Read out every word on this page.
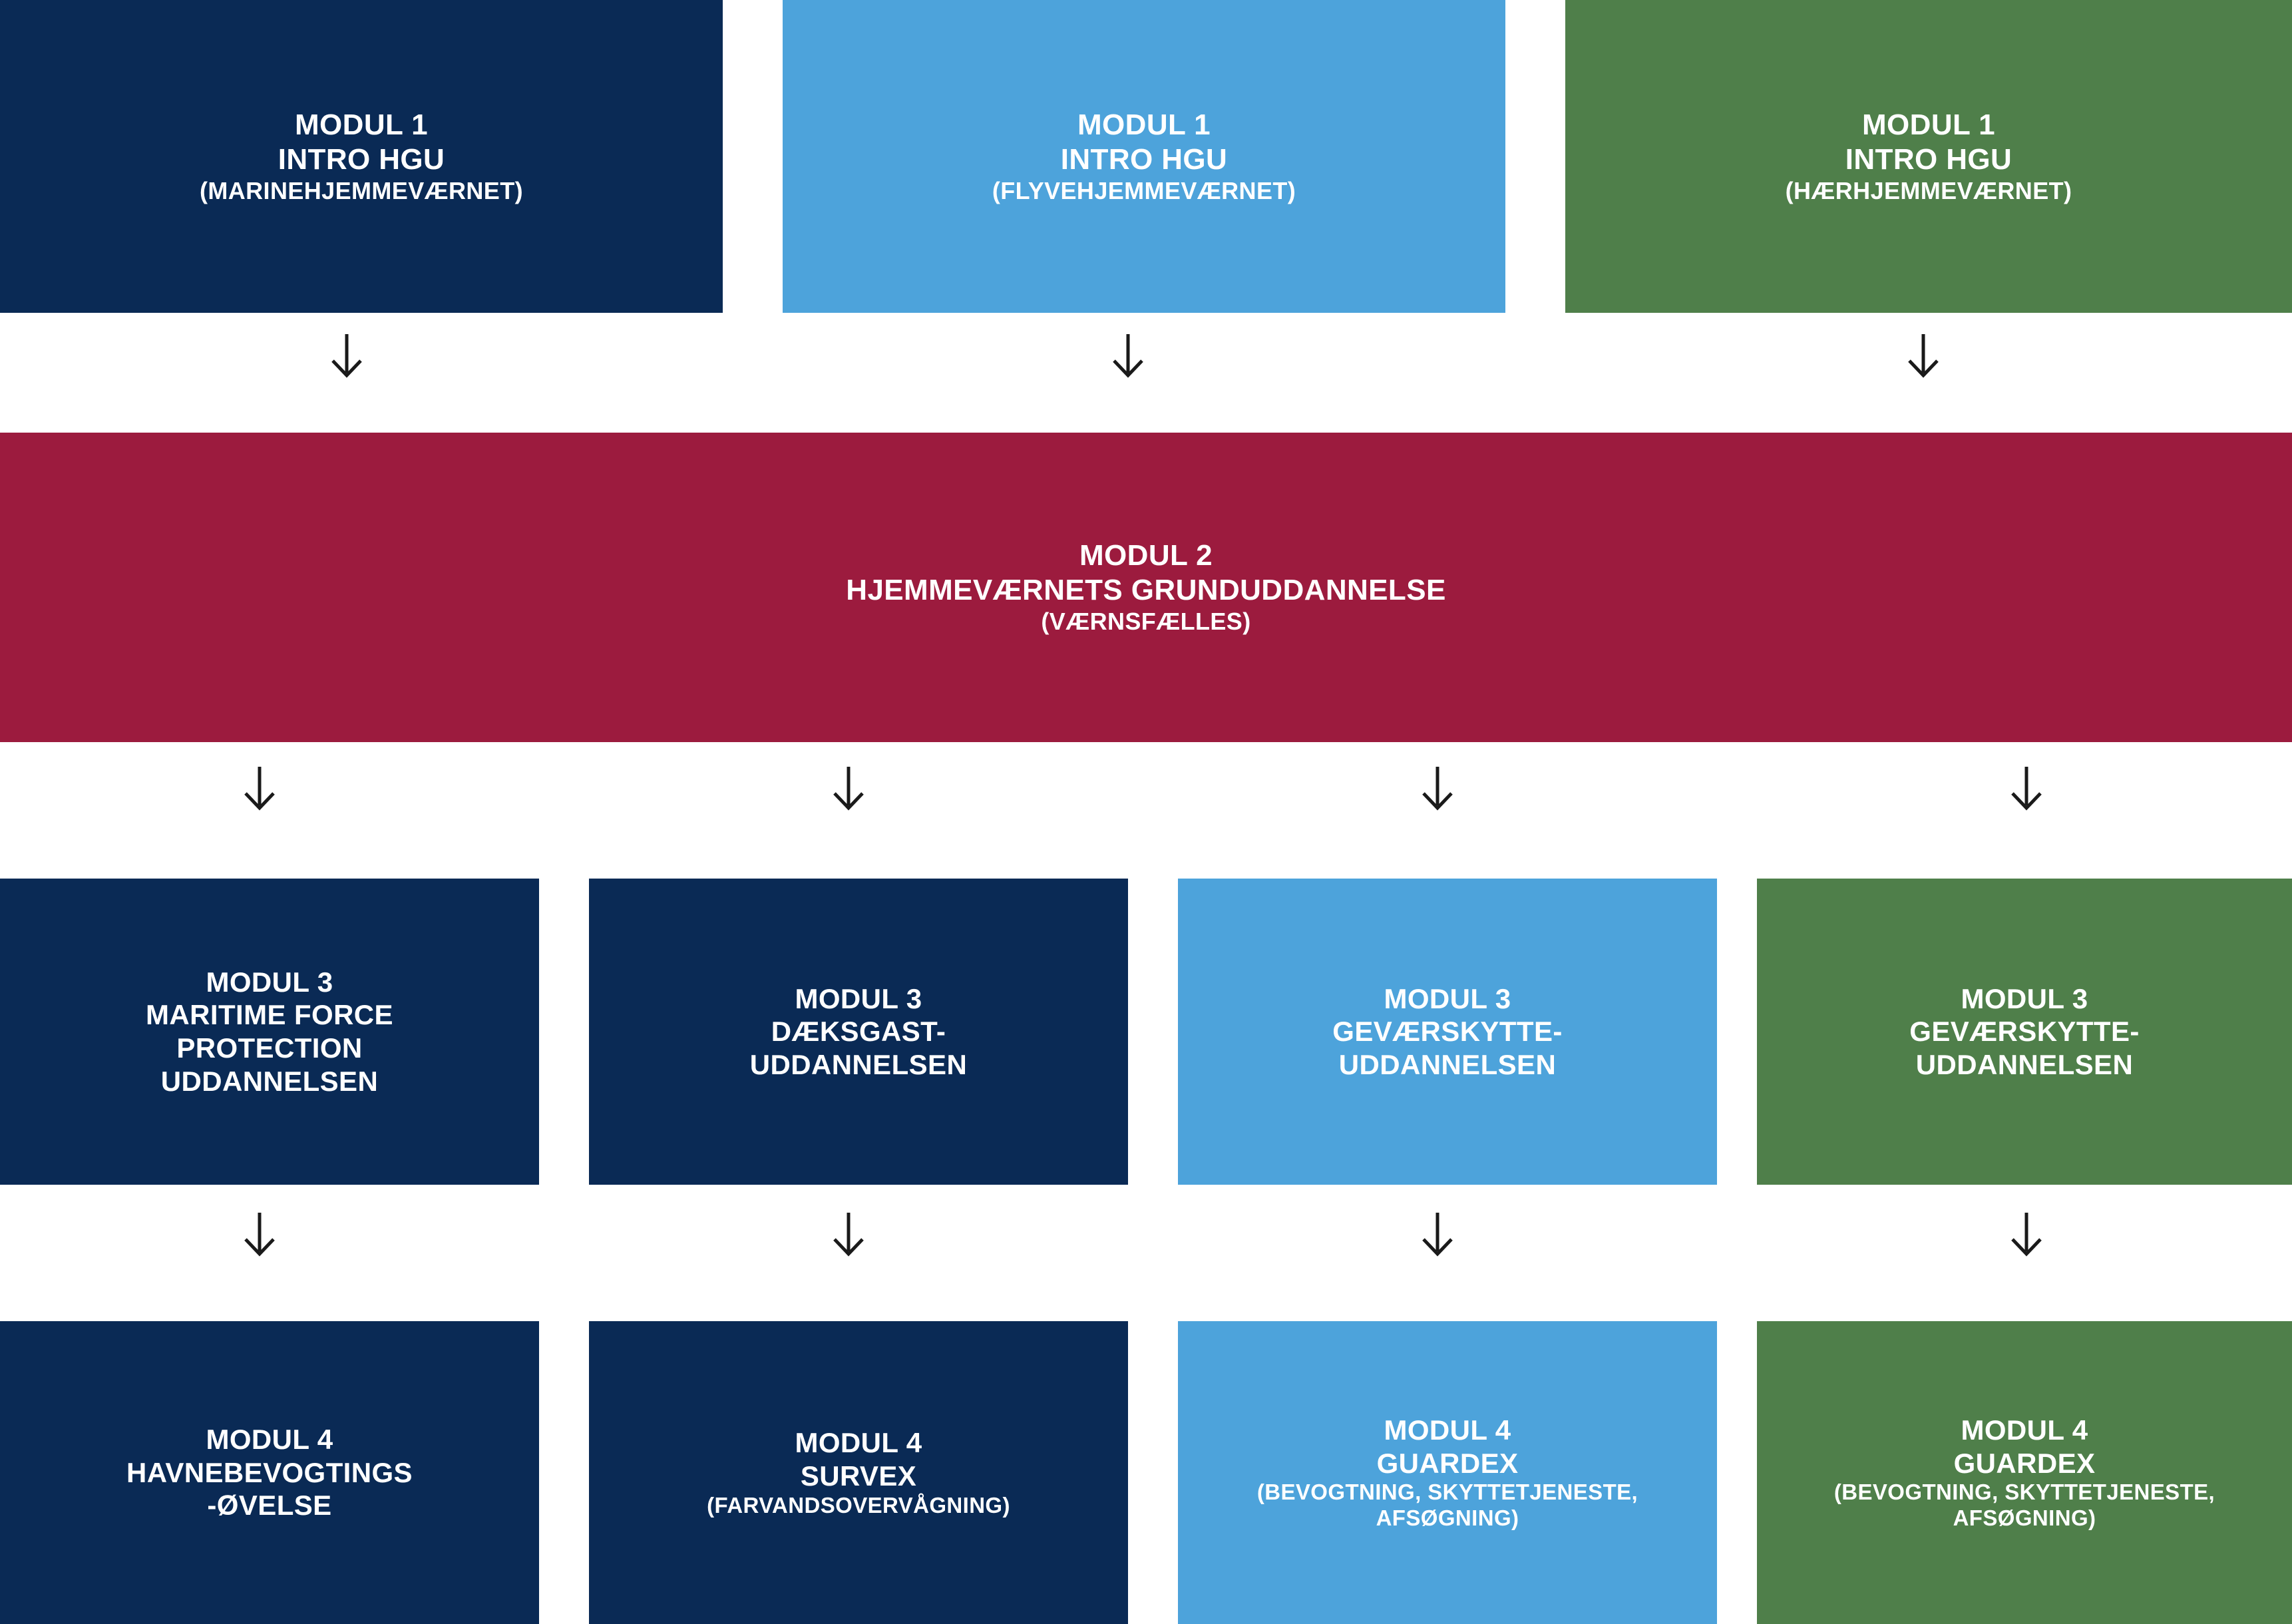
MODUL 1
INTRO HGU
(MARINEHJEMMEVÆRNET)
MODUL 1
INTRO HGU
(FLYVEHJEMMEVÆRNET)
MODUL 1
INTRO HGU
(HÆRHJEMMEVÆRNET)
MODUL 2
HJEMMEVÆRNETS GRUNDUDDANNELSE
(VÆRNSFÆLLES)
MODUL 3
MARITIME FORCE
PROTECTION
UDDANNELSEN
MODUL 3
DÆKSGAST-
UDDANNELSEN
MODUL 3
GEVÆRSKYTTE-
UDDANNELSEN
MODUL 3
GEVÆRSKYTTE-
UDDANNELSEN
MODUL 4
HAVNEBEVOGTINGS
-ØVELSE
MODUL 4
SURVEX
(FARVANDSOVERVÅGNING)
MODUL 4
GUARDEX
(BEVOGTNING, SKYTTETJENESTE,
AFSØGNING)
MODUL 4
GUARDEX
(BEVOGTNING, SKYTTETJENESTE,
AFSØGNING)
